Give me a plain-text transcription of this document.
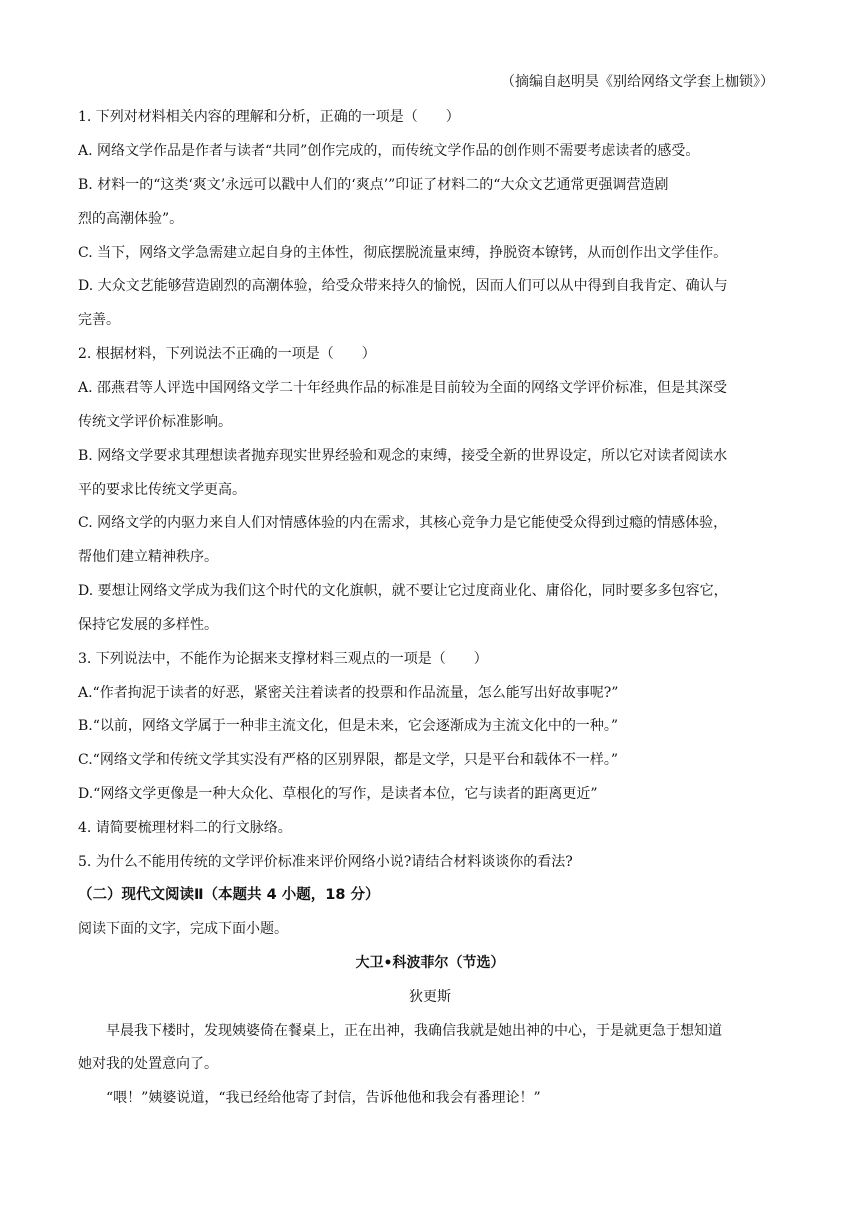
（摘编自赵明昊《别给网络文学套上枷锁》）
1. 下列对材料相关内容的理解和分析，正确的一项是（　　）
A. 网络文学作品是作者与读者“共同”创作完成的，而传统文学作品的创作则不需要考虑读者的感受。
B. 材料一的“这类‘爽文’永远可以戳中人们的‘爽点’”印证了材料二的“大众文艺通常更强调营造剧
烈的高潮体验”。
C. 当下，网络文学急需建立起自身的主体性，彻底摆脱流量束缚，挣脱资本镣铐，从而创作出文学佳作。
D. 大众文艺能够营造剧烈的高潮体验，给受众带来持久的愉悦，因而人们可以从中得到自我肯定、确认与
完善。
2. 根据材料，下列说法不正确的一项是（　　）
A. 邵燕君等人评选中国网络文学二十年经典作品的标准是目前较为全面的网络文学评价标准，但是其深受
传统文学评价标准影响。
B. 网络文学要求其理想读者抛弃现实世界经验和观念的束缚，接受全新的世界设定，所以它对读者阅读水
平的要求比传统文学更高。
C. 网络文学的内驱力来自人们对情感体验的内在需求，其核心竞争力是它能使受众得到过瘾的情感体验，
帮他们建立精神秩序。
D. 要想让网络文学成为我们这个时代的文化旗帜，就不要让它过度商业化、庸俗化，同时要多多包容它，
保持它发展的多样性。
3. 下列说法中，不能作为论据来支撑材料三观点的一项是（　　）
A.“作者拘泥于读者的好恶，紧密关注着读者的投票和作品流量，怎么能写出好故事呢?”
B.“以前，网络文学属于一种非主流文化，但是未来，它会逐渐成为主流文化中的一种。”
C.“网络文学和传统文学其实没有严格的区别界限，都是文学，只是平台和载体不一样。”
D.“网络文学更像是一种大众化、草根化的写作，是读者本位，它与读者的距离更近”
4. 请简要梳理材料二的行文脉络。
5. 为什么不能用传统的文学评价标准来评价网络小说?请结合材料谈谈你的看法?
（二）现代文阅读Ⅱ（本题共 4 小题，18 分）
阅读下面的文字，完成下面小题。
大卫•科波菲尔（节选）
狄更斯
早晨我下楼时，发现姨婆倚在餐桌上，正在出神，我确信我就是她出神的中心，于是就更急于想知道
她对我的处置意向了。
“喂！”姨婆说道，“我已经给他寄了封信，告诉他他和我会有番理论！”
